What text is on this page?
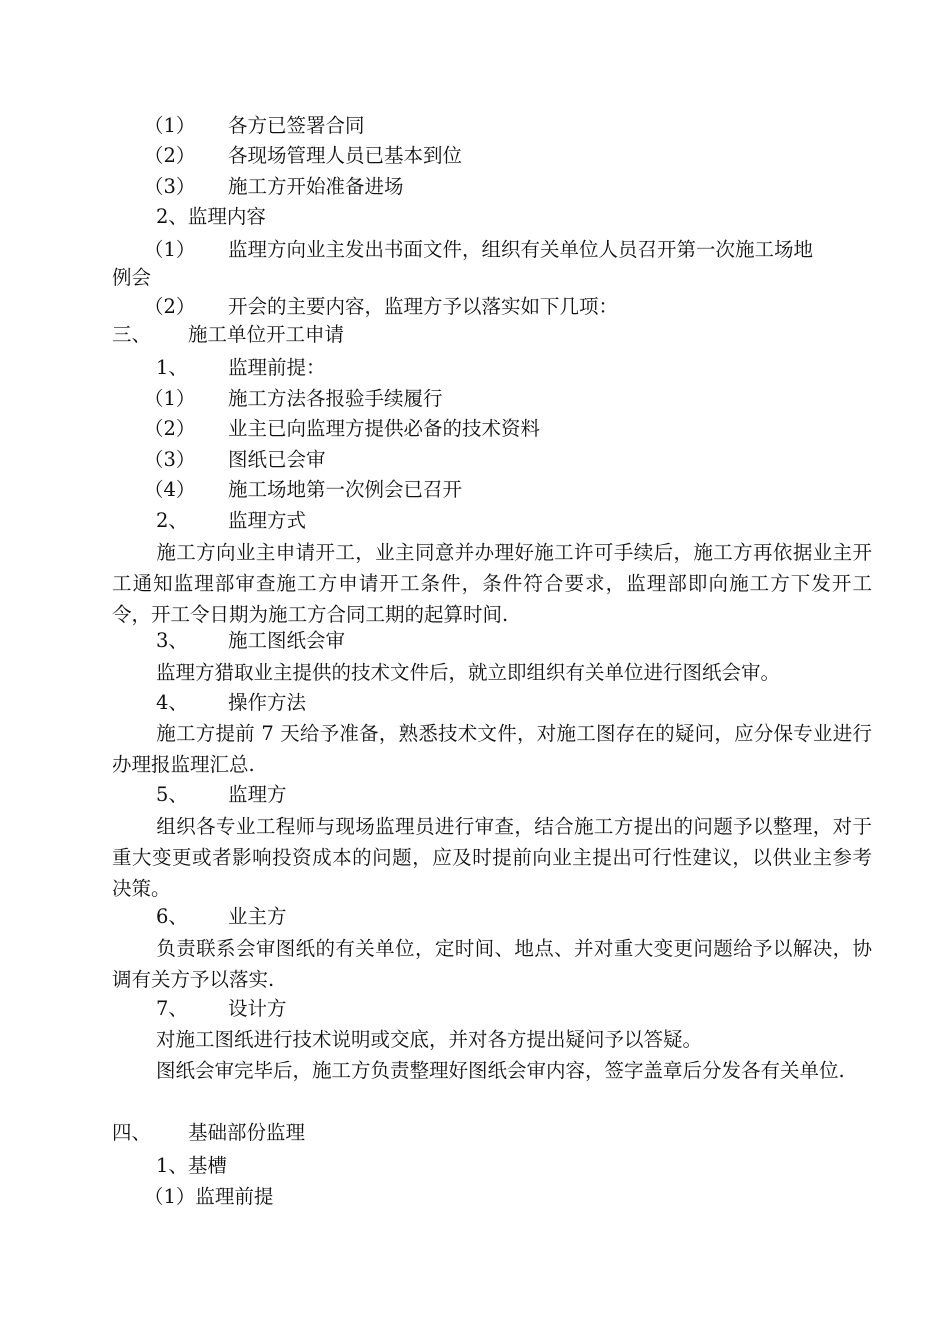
（1） 各方已签署合同
（2） 各现场管理人员已基本到位
（3） 施工方开始准备进场
2、监理内容
（1） 监理方向业主发出书面文件，组织有关单位人员召开第一次施工场地
例会
（2） 开会的主要内容，监理方予以落实如下几项：
三、 施工单位开工申请
1、 监理前提：
（1） 施工方法各报验手续履行
（2） 业主已向监理方提供必备的技术资料
（3） 图纸已会审
（4） 施工场地第一次例会已召开
2、 监理方式
施工方向业主申请开工，业主同意并办理好施工许可手续后，施工方再依据业主开工通知监理部审查施工方申请开工条件，条件符合要求，监理部即向施工方下发开工令，开工令日期为施工方合同工期的起算时间.
3、 施工图纸会审
监理方猎取业主提供的技术文件后，就立即组织有关单位进行图纸会审。
4、 操作方法
施工方提前 7 天给予准备，熟悉技术文件，对施工图存在的疑问，应分保专业进行办理报监理汇总.
5、 监理方
组织各专业工程师与现场监理员进行审查，结合施工方提出的问题予以整理，对于重大变更或者影响投资成本的问题，应及时提前向业主提出可行性建议，以供业主参考决策。
6、 业主方
负责联系会审图纸的有关单位，定时间、地点、并对重大变更问题给予以解决，协调有关方予以落实.
7、 设计方
对施工图纸进行技术说明或交底，并对各方提出疑问予以答疑。
图纸会审完毕后，施工方负责整理好图纸会审内容，签字盖章后分发各有关单位.
四、 基础部份监理
1、基槽
（1）监理前提
